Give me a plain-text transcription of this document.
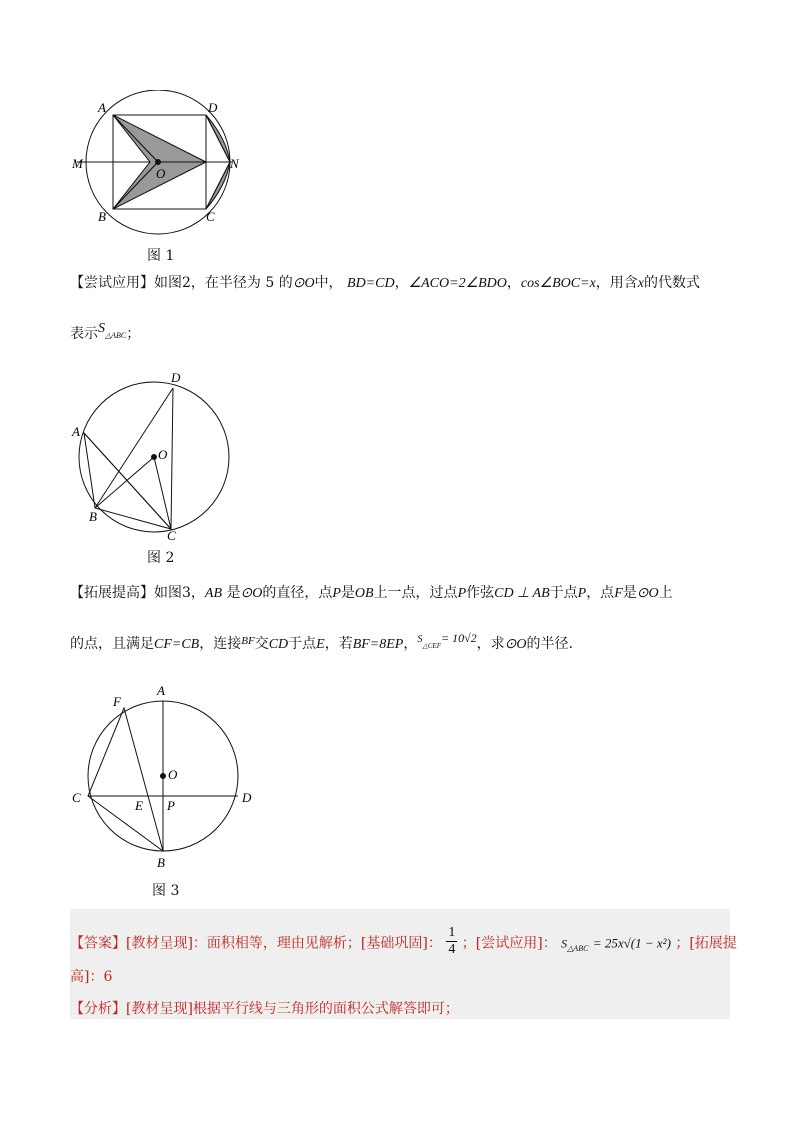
A	D
M
O
N
B	C
图 1
【尝试应用】如图2，在半径为 5 的⊙O中， BD=CD，∠ACO=2∠BDO，cos∠BOC=x，用含x的代数式
表示S△ABC；
A
D
O
B
C
图 2
【拓展提高】如图3，AB 是⊙O的直径，点P是OB上一点，过点P作弦CD ⊥ AB于点P，点F是⊙O上
的点，且满足CF=CB，连接$^{BF}$交CD于点E，若BF=8EP，$^S$△CEF= 10√2，求⊙O的半径.
F
A
O
C
E P
D
B
图 3
【答案】[教材呈现]：面积相等，理由见解析；[基础巩固]： $\frac{1}{4}$ ；[尝试应用]： $S_{\triangle ABC} = 25x√(1 - x^2)$ ；[拓展提
高]：6
【分析】[教材呈现]根据平行线与三角形的面积公式解答即可；
